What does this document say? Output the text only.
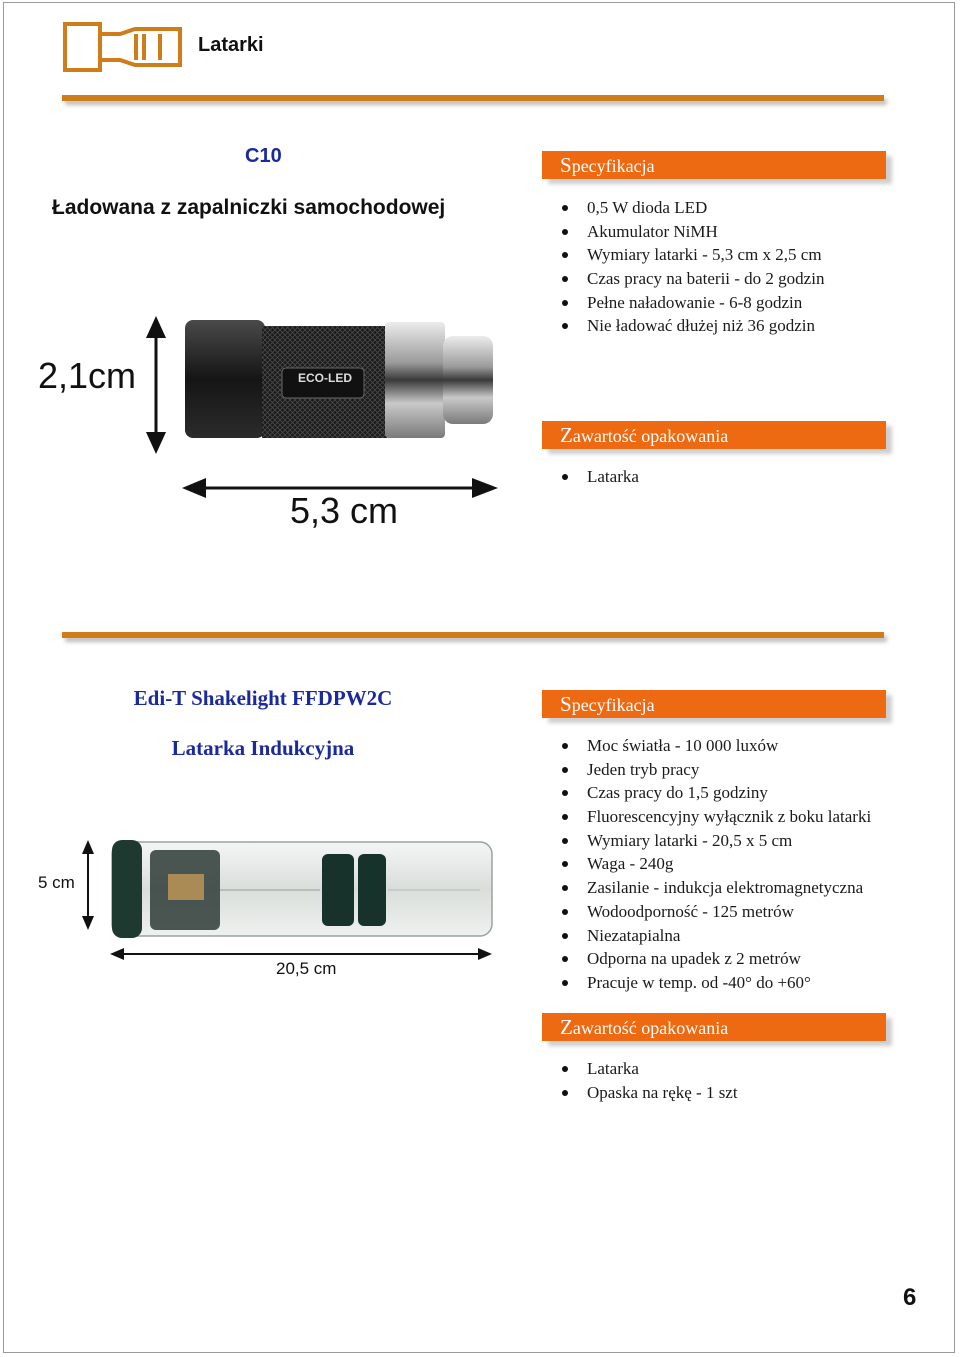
Latarki
C10
Ładowana z zapalniczki samochodowej
2,1cm
5,3 cm
ECO-LED
Specyfikacja
0,5 W dioda LED
Akumulator NiMH
Wymiary latarki - 5,3 cm x 2,5 cm
Czas pracy na baterii - do 2 godzin
Pełne naładowanie - 6-8 godzin
Nie ładować dłużej niż 36 godzin
Zawartość opakowania
Latarka
Edi-T Shakelight FFDPW2C
Latarka Indukcyjna
5 cm
20,5 cm
Specyfikacja
Moc światła - 10 000 luxów
Jeden tryb pracy
Czas pracy do 1,5 godziny
Fluorescencyjny wyłącznik z boku latarki
Wymiary latarki - 20,5 x 5 cm
Waga - 240g
Zasilanie - indukcja elektromagnetyczna
Wodoodporność - 125 metrów
Niezatapialna
Odporna na upadek z 2 metrów
Pracuje w temp. od -40° do +60°
Zawartość opakowania
Latarka
Opaska na rękę - 1 szt
6
